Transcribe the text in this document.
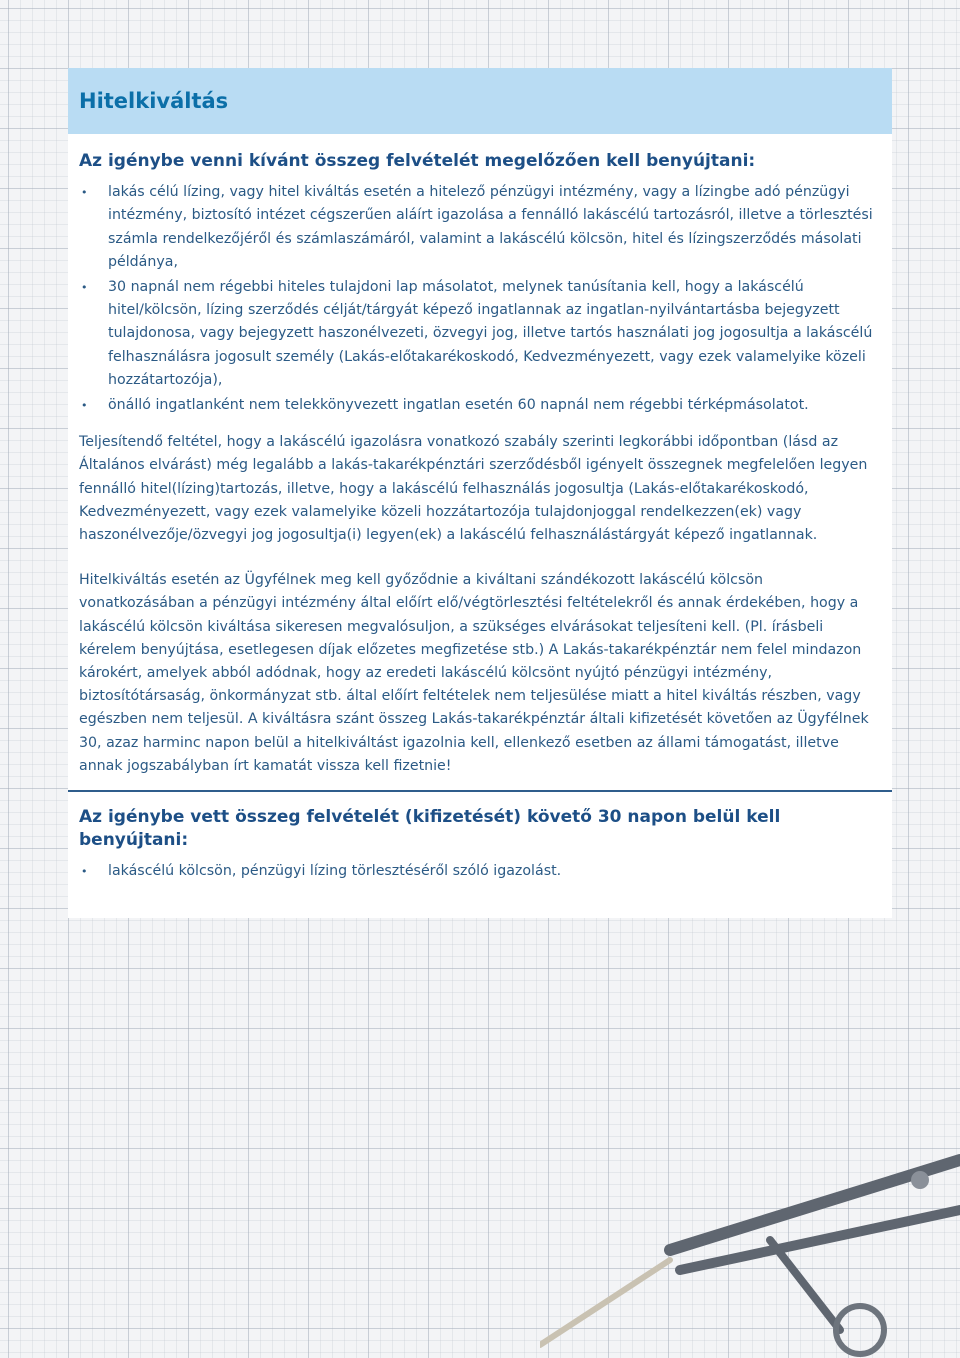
Hitelkiváltás
Az igénybe venni kívánt összeg felvételét megelőzően kell benyújtani:
• lakás célú lízing, vagy hitel kiváltás esetén a hitelező pénzügyi intézmény, vagy a lízingbe adó pénzügyi intézmény, biztosító intézet cégszerűen aláírt igazolása a fennálló lakáscélú tartozásról, illetve a törlesztési számla rendelkezőjéről és számlaszámáról, valamint a lakáscélú kölcsön, hitel és lízingszerződés másolati példánya,
• 30 napnál nem régebbi hiteles tulajdoni lap másolatot, melynek tanúsítania kell, hogy a lakáscélú hitel/kölcsön, lízing szerződés célját/tárgyát képező ingatlannak az ingatlan-nyilvántartásba bejegyzett tulajdonosa, vagy bejegyzett haszonélvezeti, özvegyi jog, illetve tartós használati jog jogosultja a lakáscélú felhasználásra jogosult személy (Lakás-előtakarékoskodó, Kedvezményezett, vagy ezek valamelyike közeli hozzátartozója),
• önálló ingatlanként nem telekkönyvezett ingatlan esetén 60 napnál nem régebbi térképmásolatot.

Teljesítendő feltétel, hogy a lakáscélú igazolásra vonatkozó szabály szerinti legkorábbi időpontban (lásd az Általános elvárást) még legalább a lakás-takarékpénztári szerződésből igényelt összegnek megfelelően legyen fennálló hitel(lízing)tartozás, illetve, hogy a lakáscélú felhasználás jogosultja (Lakás-előtakarékoskodó, Kedvezményezett, vagy ezek valamelyike közeli hozzátartozója tulajdonjoggal rendelkezzen(ek) vagy haszonélvezője/özvegyi jog jogosultja(i) legyen(ek) a lakáscélú felhasználástárgyát képező ingatlannak.

Hitelkiváltás esetén az Ügyfélnek meg kell győződnie a kiváltani szándékozott lakáscélú kölcsön vonatkozásában a pénzügyi intézmény által előírt elő/végtörlesztési feltételekről és annak érdekében, hogy a lakáscélú kölcsön kiváltása sikeresen megvalósuljon, a szükséges elvárásokat teljesíteni kell. (Pl. írásbeli kérelem benyújtása, esetlegesen díjak előzetes megfizetése stb.) A Lakás-takarékpénztár nem felel mindazon károkért, amelyek abból adódnak, hogy az eredeti lakáscélú kölcsönt nyújtó pénzügyi intézmény, biztosítótársaság, önkormányzat stb. által előírt feltételek nem teljesülése miatt a hitel kiváltás részben, vagy egészben nem teljesül. A kiváltásra szánt összeg Lakás-takarékpénztár általi kifizetését követően az Ügyfélnek 30, azaz harminc napon belül a hitelkiváltást igazolnia kell, ellenkező esetben az állami támogatást, illetve annak jogszabályban írt kamatát vissza kell fizetnie!

Az igénybe vett összeg felvételét (kifizetését) követő 30 napon belül kell benyújtani:
• lakáscélú kölcsön, pénzügyi lízing törlesztéséről szóló igazolást.
